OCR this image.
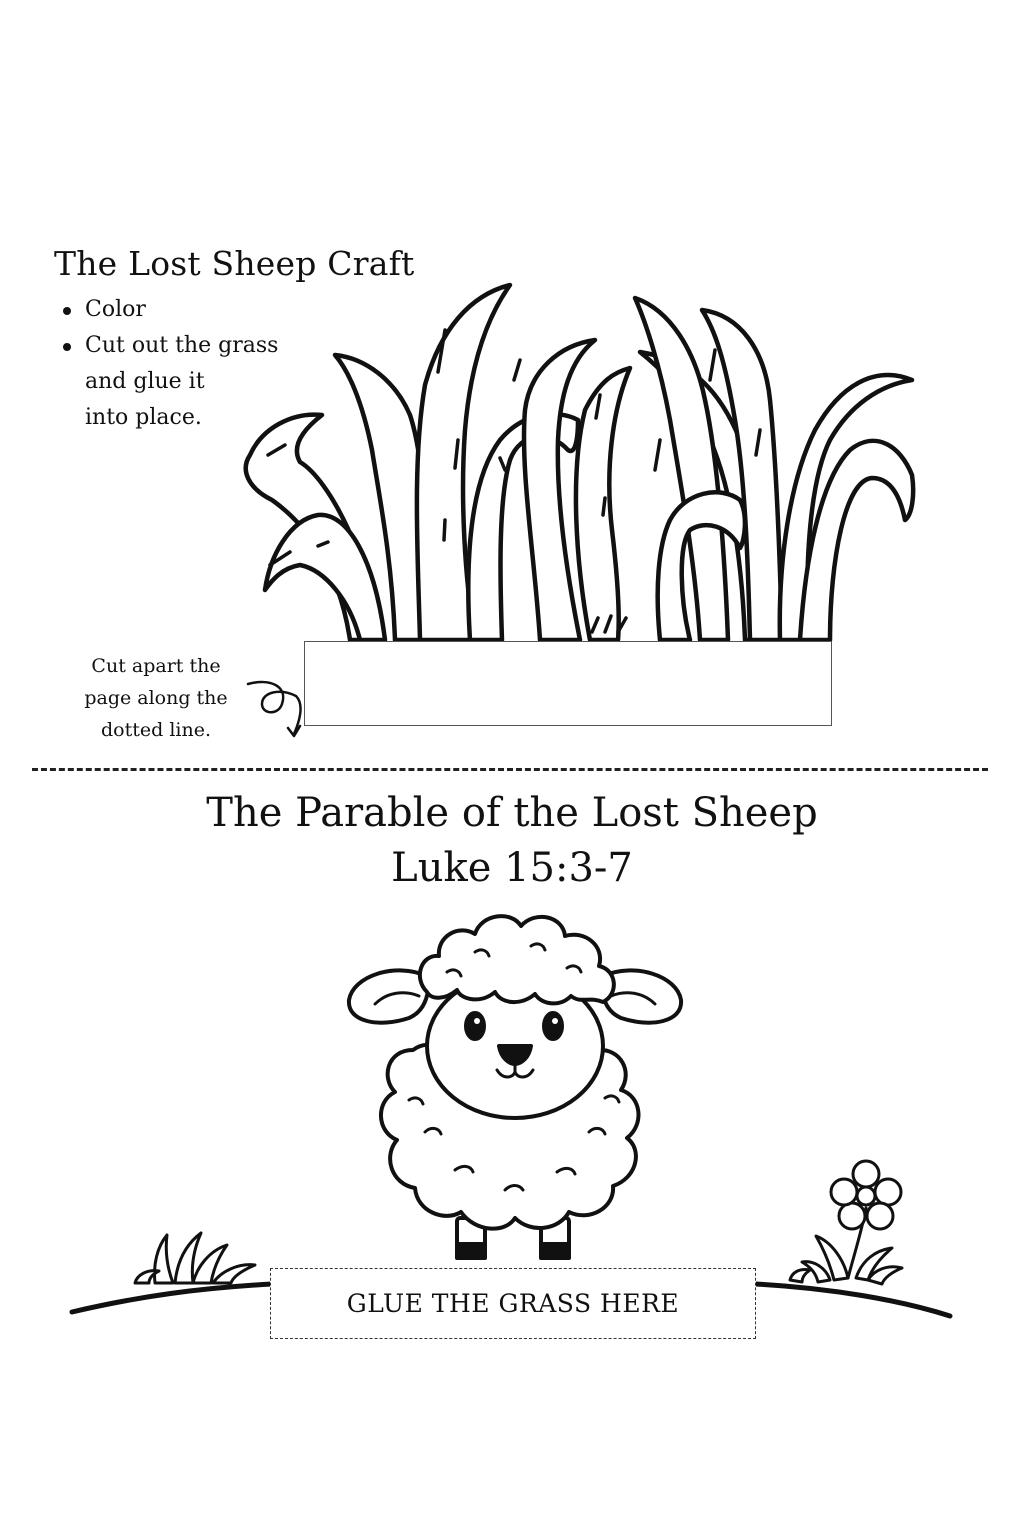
The Lost Sheep Craft
Color
Cut out the grass
and glue it
into place.
Cut apart the
page along the
dotted line.
The Parable of the Lost Sheep
Luke 15:3-7
GLUE THE GRASS HERE
